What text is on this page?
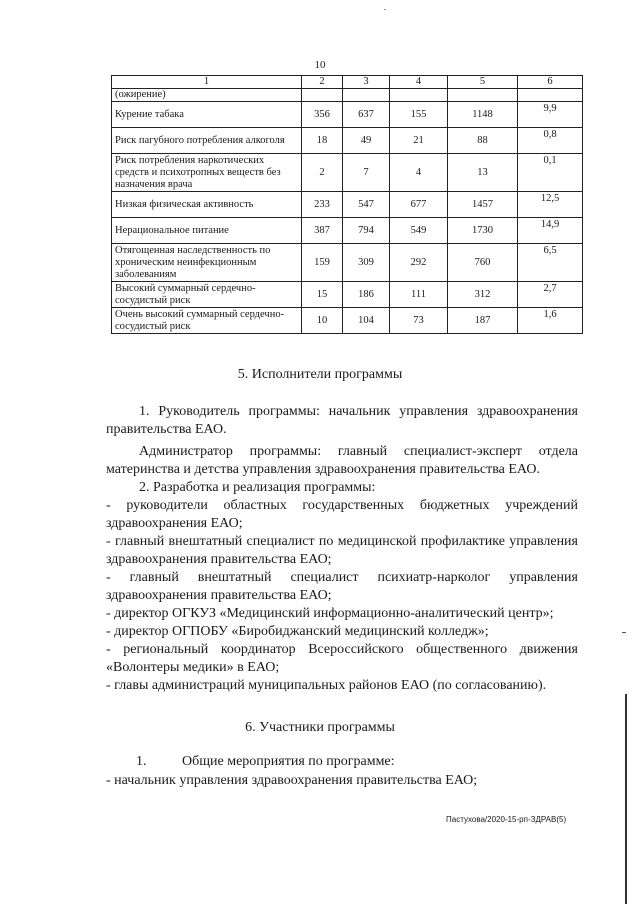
10
1	2	3	4	5	6
(ожирение)					
Курение табака	356	637	155	1148	9,9
Риск пагубного потребления алкоголя	18	49	21	88	0,8
Риск потребления наркотических средств и психотропных веществ без назначения врача	2	7	4	13	0,1
Низкая физическая активность	233	547	677	1457	12,5
Нерациональное питание	387	794	549	1730	14,9
Отягощенная наследственность по хроническим неинфекционным заболеваниям	159	309	292	760	6,5
Высокий суммарный сердечно-сосудистый риск	15	186	111	312	2,7
Очень высокий суммарный сердечно-сосудистый риск	10	104	73	187	1,6
5. Исполнители программы

1. Руководитель программы: начальник управления здравоохранения правительства ЕАО.

Администратор программы: главный специалист-эксперт отдела материнства и детства управления здравоохранения правительства ЕАО.

2. Разработка и реализация программы:

- руководители областных государственных бюджетных учреждений здравоохранения ЕАО;

- главный внештатный специалист по медицинской профилактике управления здравоохранения правительства ЕАО;

- главный внештатный специалист психиатр-нарколог управления здравоохранения правительства ЕАО;

- директор ОГКУЗ «Медицинский информационно-аналитический центр»;

- директор ОГПОБУ «Биробиджанский медицинский колледж»;

- региональный координатор Всероссийского общественного движения «Волонтеры медики» в ЕАО;

- главы администраций муниципальных районов ЕАО (по согласованию).

6. Участники программы

1.	Общие мероприятия по программе:

- начальник управления здравоохранения правительства ЕАО;

Пастухова/2020-15-рп-ЗДРАВ(5)
